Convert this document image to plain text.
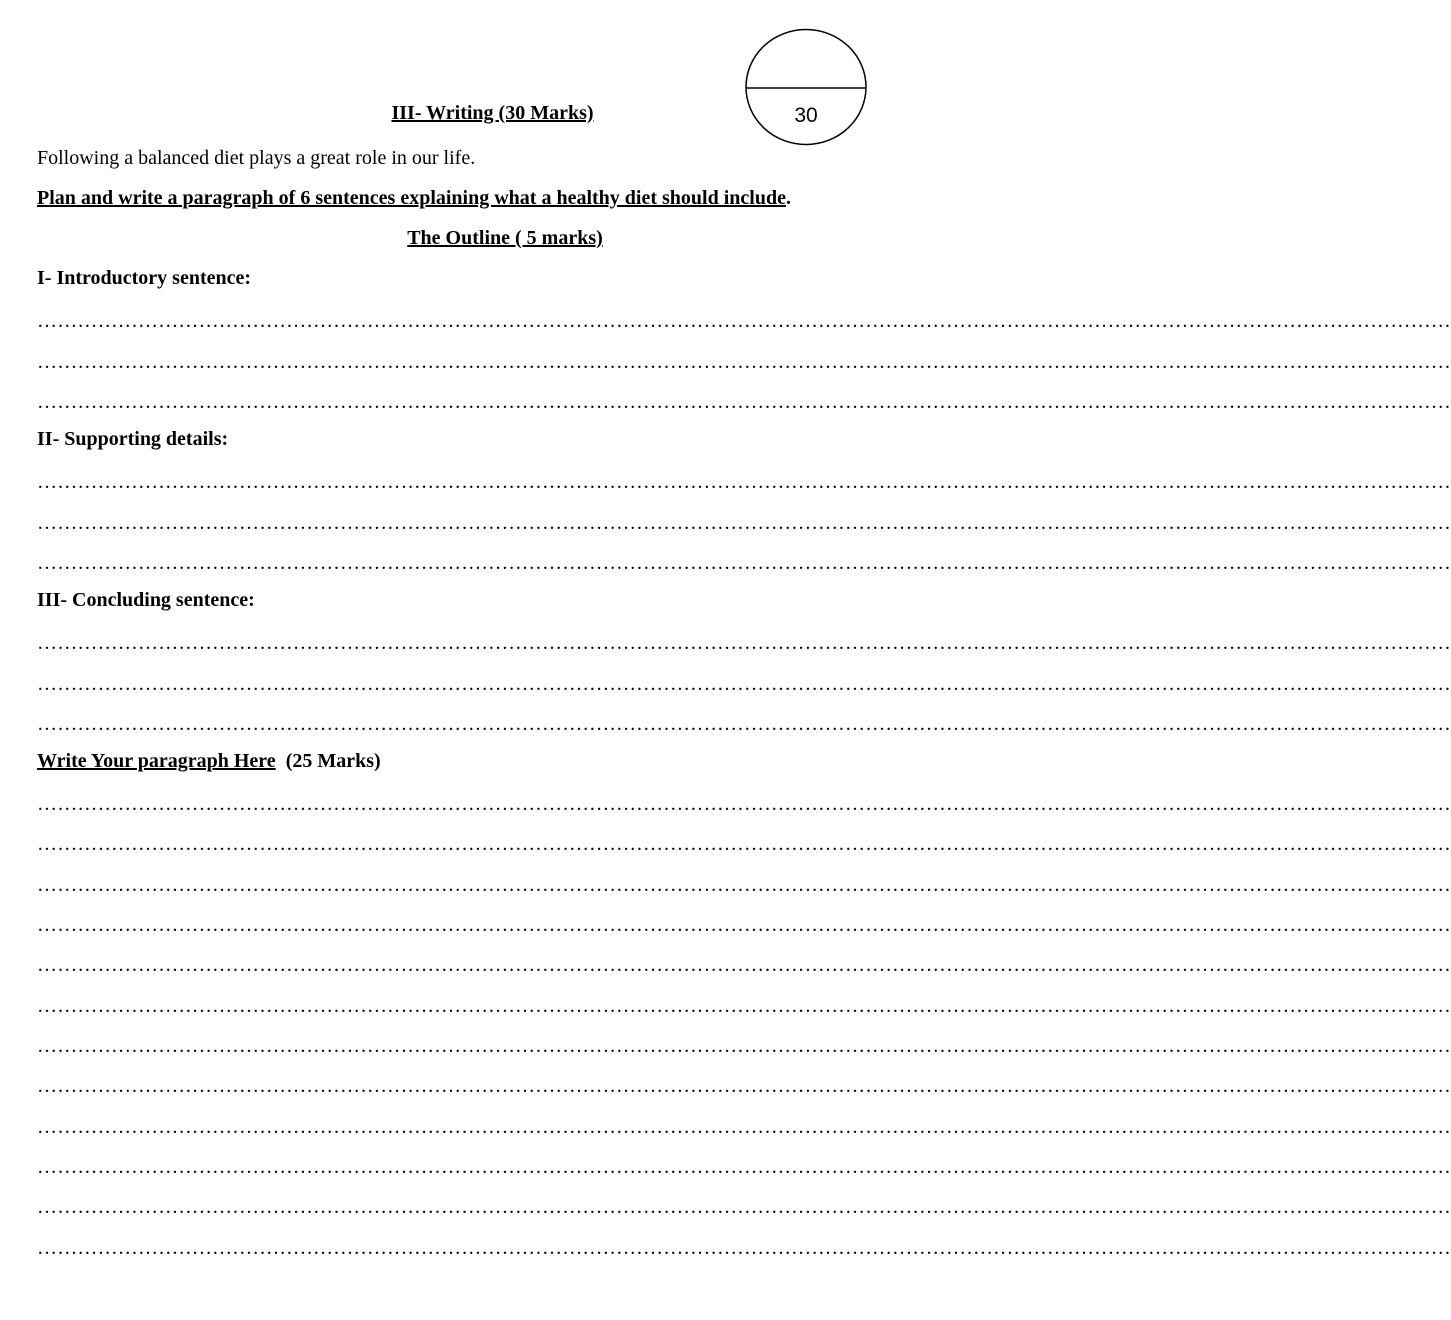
30
III- Writing (30 Marks)
Following a balanced diet plays a great role in our life.
Plan and write a paragraph of 6 sentences explaining what a healthy diet should include.
The Outline ( 5 marks)
I- Introductory sentence:
…………………………………………………………………………………………………………………………………………………………………………………………
…………………………………………………………………………………………………………………………………………………………………………………………
…………………………………………………………………………………………………………………………………………………………………………………………
II- Supporting details:
…………………………………………………………………………………………………………………………………………………………………………………………
…………………………………………………………………………………………………………………………………………………………………………………………
…………………………………………………………………………………………………………………………………………………………………………………………
III- Concluding sentence:
…………………………………………………………………………………………………………………………………………………………………………………………
…………………………………………………………………………………………………………………………………………………………………………………………
…………………………………………………………………………………………………………………………………………………………………………………………
Write Your paragraph Here (25 Marks)
…………………………………………………………………………………………………………………………………………………………………………………………
…………………………………………………………………………………………………………………………………………………………………………………………
…………………………………………………………………………………………………………………………………………………………………………………………
…………………………………………………………………………………………………………………………………………………………………………………………
…………………………………………………………………………………………………………………………………………………………………………………………
…………………………………………………………………………………………………………………………………………………………………………………………
…………………………………………………………………………………………………………………………………………………………………………………………
…………………………………………………………………………………………………………………………………………………………………………………………
…………………………………………………………………………………………………………………………………………………………………………………………
…………………………………………………………………………………………………………………………………………………………………………………………
…………………………………………………………………………………………………………………………………………………………………………………………
…………………………………………………………………………………………………………………………………………………………………………………………
